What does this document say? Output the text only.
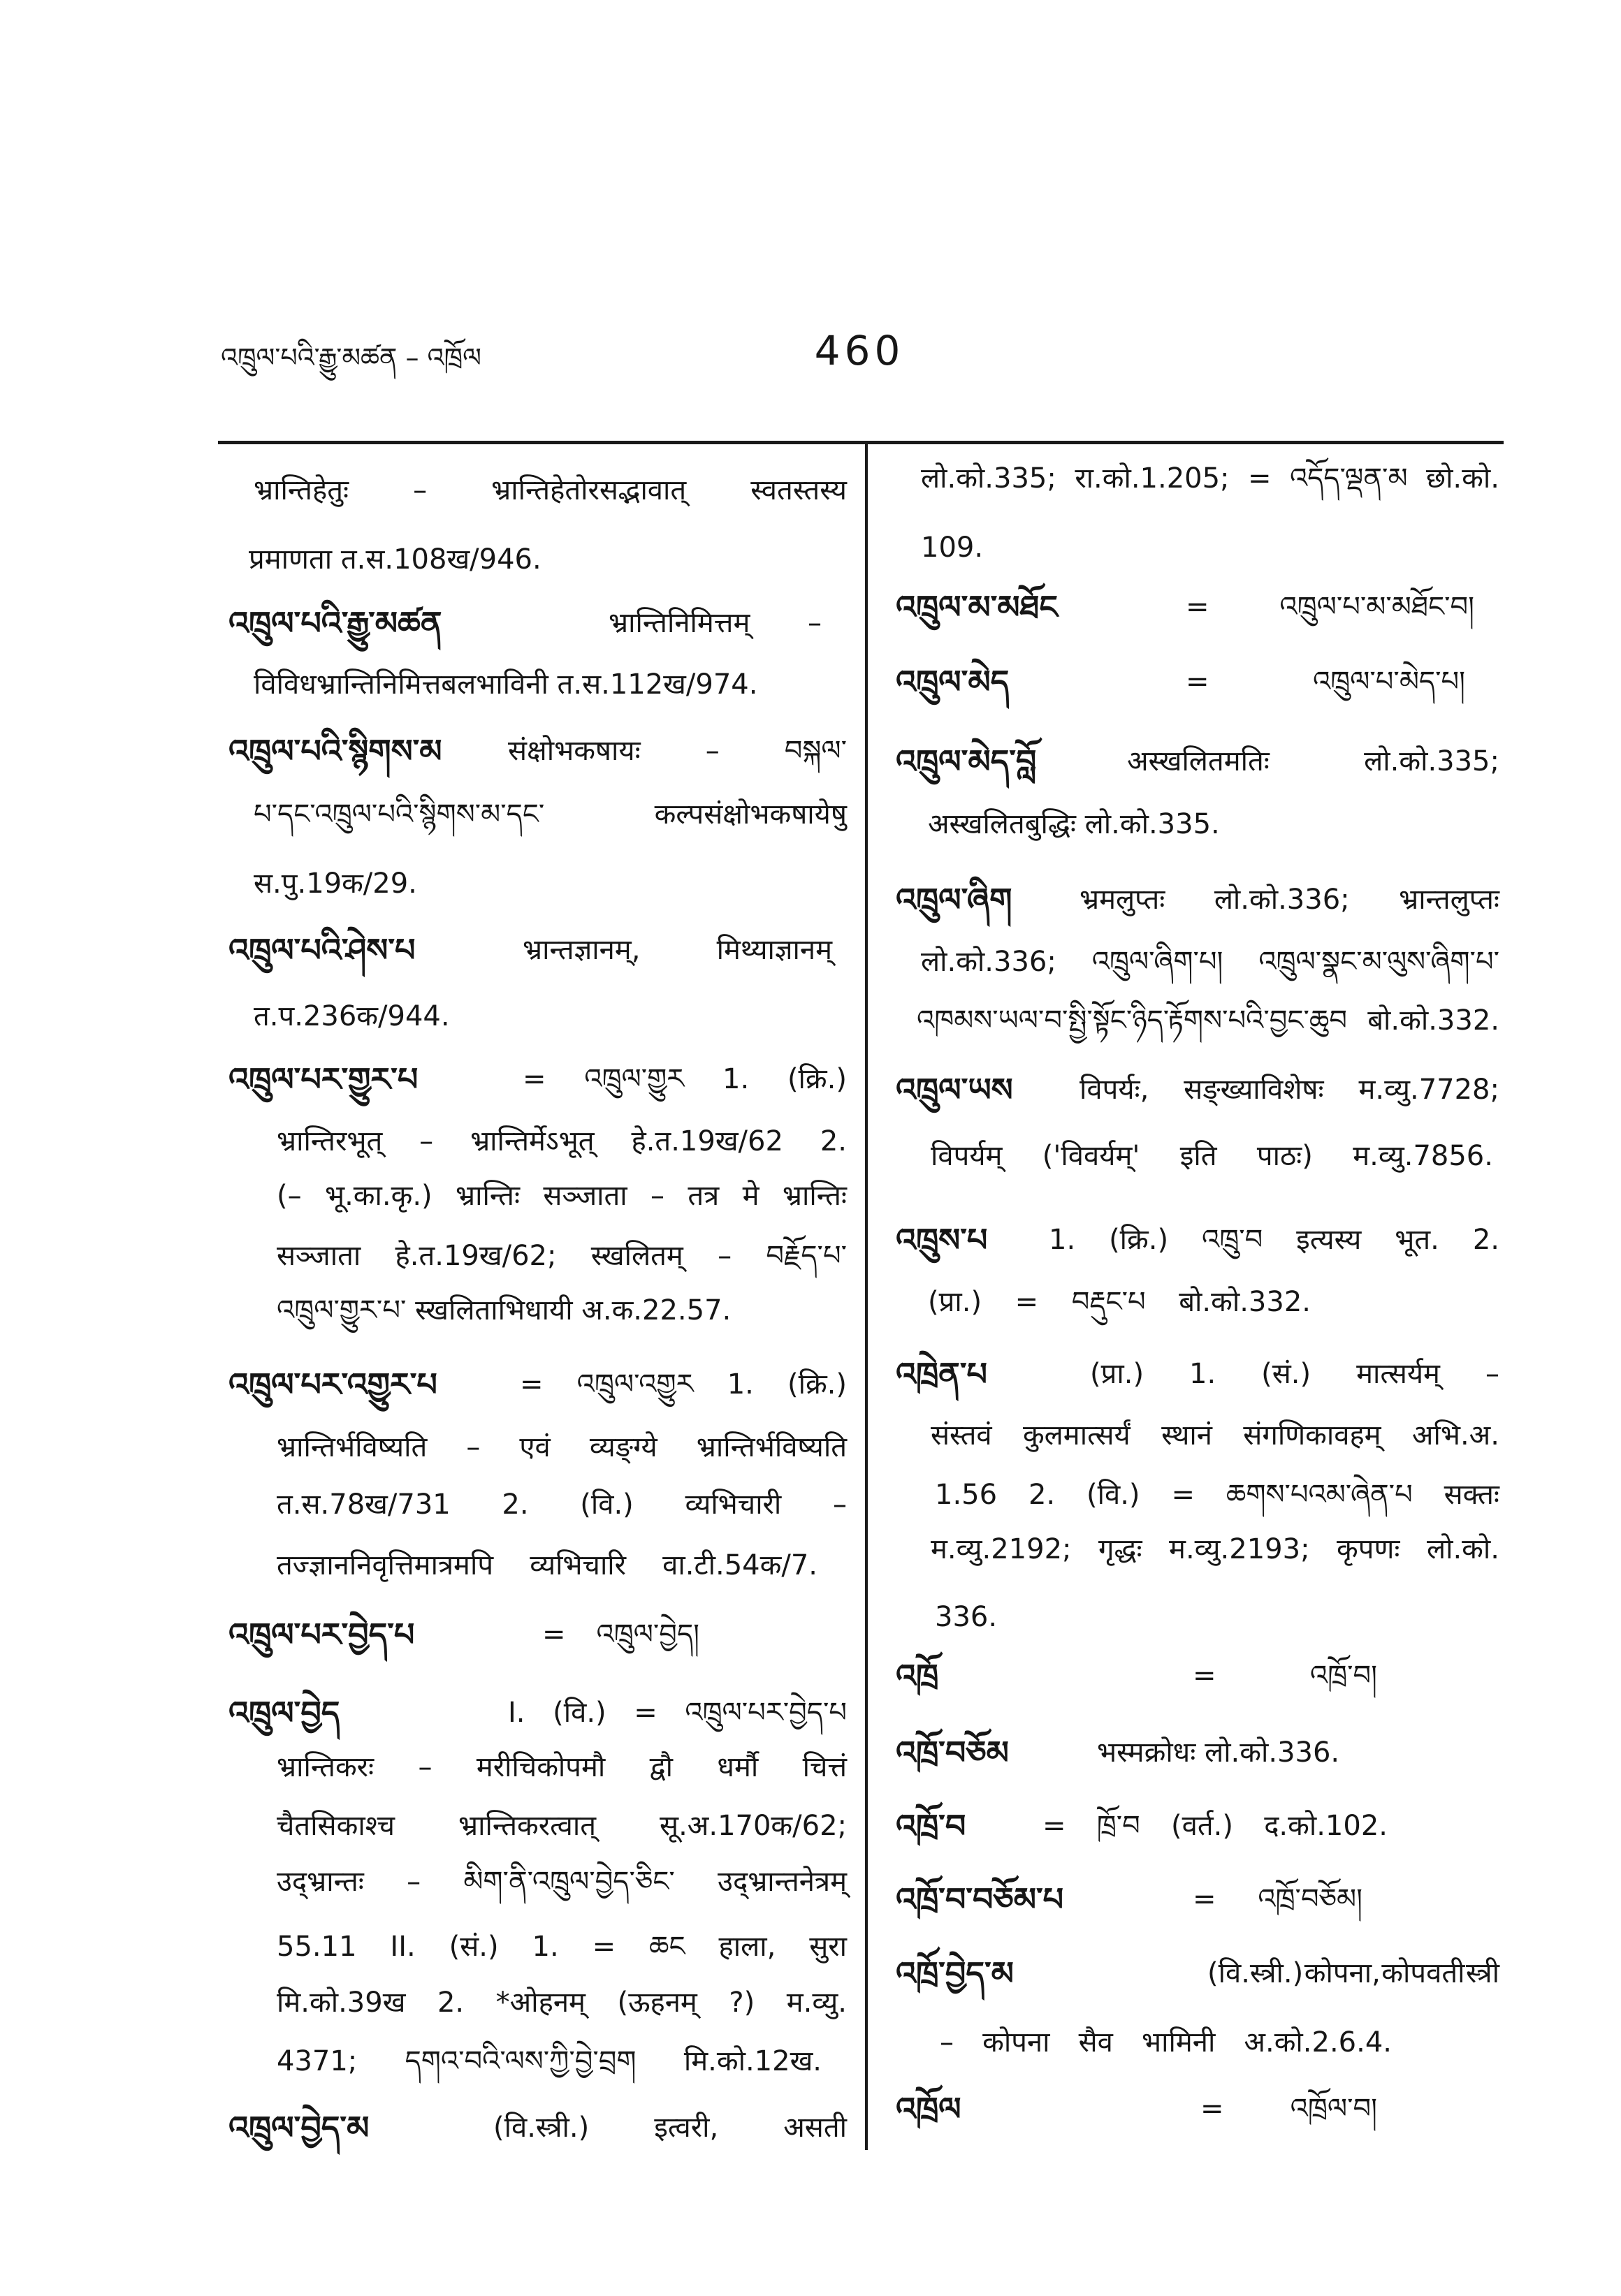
འཁྲུལ་པའི་རྒྱུ་མཚན – འཁྲོལ	460
भ्रान्तिहेतुः – भ्रान्तिहेतोरसद्भावात् स्वतस्तस्य
प्रमाणता त.स.108ख/946.
འཁྲུལ་པའི་རྒྱུ་མཚན	भ्रान्तिनिमित्तम् –
विविधभ्रान्तिनिमित्तबलभाविनी त.स.112ख/974.
འཁྲུལ་པའི་སྙིགས་མ संक्षोभकषायः – བསྐལ་
པ་དང་འཁྲུལ་པའི་སྙིགས་མ་དང་	कल्पसंक्षोभकषायेषु
स.पु.19क/29.
འཁྲུལ་པའི་ཤེས་པ	भ्रान्तज्ञानम्,	मिथ्याज्ञानम्
त.प.236क/944.
འཁྲུལ་པར་གྱུར་པ	= འཁྲུལ་གྱུར 1. (क्रि.)
भ्रान्तिरभूत् – भ्रान्तिर्मेऽभूत् हे.त.19ख/62 2.
(– भू.का.कृ.) भ्रान्तिः सञ्जाता – तत्र मे भ्रान्तिः
सञ्जाता हे.त.19ख/62; स्खलितम् – བརྗོད་པ་
འཁྲུལ་གྱུར་པ་ स्खलिताभिधायी अ.क.22.57.
འཁྲུལ་པར་འགྱུར་པ	= འཁྲུལ་འགྱུར 1. (क्रि.)
भ्रान्तिर्भविष्यति – एवं व्यङ्ग्ये भ्रान्तिर्भविष्यति
त.स.78ख/731 2. (वि.) व्यभिचारी –
तज्ज्ञाननिवृत्तिमात्रमपि व्यभिचारि वा.टी.54क/7.
འཁྲུལ་པར་བྱེད་པ	= འཁྲུལ་བྱེད།
འཁྲུལ་བྱེད	I. (वि.) = འཁྲུལ་པར་བྱེད་པ
भ्रान्तिकरः – मरीचिकोपमौ द्वौ धर्मौ चित्तं
चैतसिकाश्च भ्रान्तिकरत्वात् सू.अ.170क/62;
उद्भ्रान्तः – མིག་ནི་འཁྲུལ་བྱེད་ཅིང་ उद्भ्रान्तनेत्रम्
55.11 II. (सं.) 1. = ཆང हाला, सुरा
मि.को.39ख 2. *ओहनम् (ऊहनम् ?) म.व्यु.
4371; དགའ་བའི་ལས་ཀྱི་བྱེ་བྲག मि.को.12ख.
འཁྲུལ་བྱེད་མ	(वि.स्त्री.) इत्वरी, असती
लो.को.335; रा.को.1.205; = འདོད་ལྡན་མ छो.को.
109.
འཁྲུལ་མ་མཐོང	=	འཁྲུལ་པ་མ་མཐོང་བ།
འཁྲུལ་མེད	=	འཁྲུལ་པ་མེད་པ།
འཁྲུལ་མེད་བློ	अस्खलितमतिः	लो.को.335;
अस्खलितबुद्धिः लो.को.335.
འཁྲུལ་ཞིག भ्रमलुप्तः लो.को.336; भ्रान्तलुप्तः
लो.को.336; འཁྲུལ་ཞིག་པ། འཁྲུལ་སྣང་མ་ལུས་ཞིག་པ་
འཁམས་ཡལ་བ་སྤྱི་སྟོང་ཉིད་རྟོགས་པའི་བྱང་ཆུབ बो.को.332.
འཁྲུལ་ཡས विपर्यः, सङ्ख्याविशेषः म.व्यु.7728;
विपर्यम् ('विवर्यम्' इति पाठः) म.व्यु.7856.
འཁྲུས་པ 1. (क्रि.) འཁྲུ་བ इत्यस्य भूत. 2.
(प्रा.) = བརྡུང་པ बो.को.332.
འཁྲེན་པ	(प्रा.) 1. (सं.) मात्सर्यम् –
संस्तवं कुलमात्सर्यं स्थानं संगणिकावहम् अभि.अ.
1.56 2. (वि.) = ཆགས་པའམ་ཞེན་པ सक्तः
म.व्यु.2192; गृद्धः म.व्यु.2193; कृपणः लो.को.
336.
འཁྲོ	=	འཁྲོ་བ།
འཁྲོ་བཅོམ	भस्मक्रोधः लो.को.336.
འཁྲོ་བ	= ཁྲོ་བ (वर्त.) द.को.102.
འཁྲོ་བ་བཅོམ་པ	= འཁྲོ་བཅོམ།
འཁྲོ་བྱེད་མ	(वि.स्त्री.) कोपना, कोपवती स्त्री
– कोपना सैव भामिनी अ.को.2.6.4.
འཁྲོལ	= འཁྲོལ་བ།
